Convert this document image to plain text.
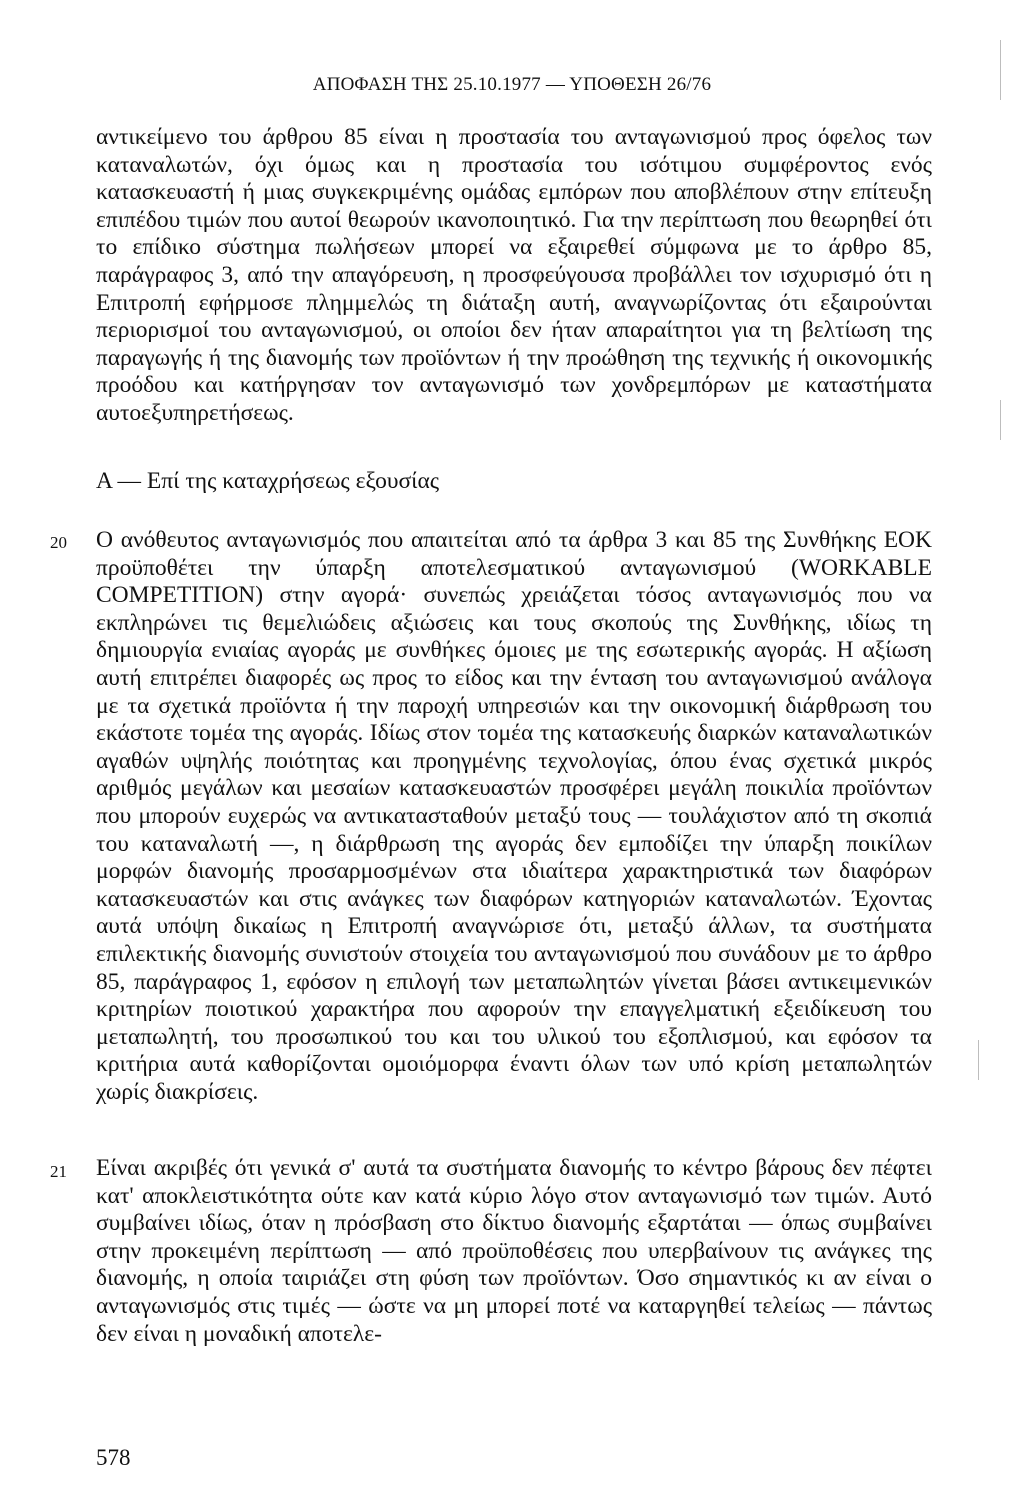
ΑΠΟΦΑΣΗ ΤΗΣ 25.10.1977 — ΥΠΟΘΕΣΗ 26/76
αντικείμενο του άρθρου 85 είναι η προστασία του ανταγωνισμού προς όφελος των καταναλωτών, όχι όμως και η προστασία του ισότιμου συμφέροντος ενός κατασκευαστή ή μιας συγκεκριμένης ομάδας εμπόρων που αποβλέπουν στην επίτευξη επιπέδου τιμών που αυτοί θεωρούν ικανοποιητικό. Για την περίπτωση που θεωρηθεί ότι το επίδικο σύστημα πωλήσεων μπορεί να εξαιρεθεί σύμφωνα με το άρθρο 85, παράγραφος 3, από την απαγόρευση, η προσφεύγουσα προβάλλει τον ισχυρισμό ότι η Επιτροπή εφήρμοσε πλημμελώς τη διάταξη αυτή, αναγνωρίζοντας ότι εξαιρούνται περιορισμοί του ανταγωνισμού, οι οποίοι δεν ήταν απαραίτητοι για τη βελτίωση της παραγωγής ή της διανομής των προϊόντων ή την προώθηση της τεχνικής ή οικονομικής προόδου και κατήργησαν τον ανταγωνισμό των χονδρεμπόρων με καταστήματα αυτοεξυπηρετήσεως.
Α — Επί της καταχρήσεως εξουσίας
20 Ο ανόθευτος ανταγωνισμός που απαιτείται από τα άρθρα 3 και 85 της Συνθήκης ΕΟΚ προϋποθέτει την ύπαρξη αποτελεσματικού ανταγωνισμού (WORKABLE COMPETITION) στην αγορά· συνεπώς χρειάζεται τόσος ανταγωνισμός που να εκπληρώνει τις θεμελιώδεις αξιώσεις και τους σκοπούς της Συνθήκης, ιδίως τη δημιουργία ενιαίας αγοράς με συνθήκες όμοιες με της εσωτερικής αγοράς. Η αξίωση αυτή επιτρέπει διαφορές ως προς το είδος και την ένταση του ανταγωνισμού ανάλογα με τα σχετικά προϊόντα ή την παροχή υπηρεσιών και την οικονομική διάρθρωση του εκάστοτε τομέα της αγοράς. Ιδίως στον τομέα της κατασκευής διαρκών καταναλωτικών αγαθών υψηλής ποιότητας και προηγμένης τεχνολογίας, όπου ένας σχετικά μικρός αριθμός μεγάλων και μεσαίων κατασκευαστών προσφέρει μεγάλη ποικιλία προϊόντων που μπορούν ευχερώς να αντικατασταθούν μεταξύ τους — τουλάχιστον από τη σκοπιά του καταναλωτή —, η διάρθρωση της αγοράς δεν εμποδίζει την ύπαρξη ποικίλων μορφών διανομής προσαρμοσμένων στα ιδιαίτερα χαρακτηριστικά των διαφόρων κατασκευαστών και στις ανάγκες των διαφόρων κατηγοριών καταναλωτών. Έχοντας αυτά υπόψη δικαίως η Επιτροπή αναγνώρισε ότι, μεταξύ άλλων, τα συστήματα επιλεκτικής διανομής συνιστούν στοιχεία του ανταγωνισμού που συνάδουν με το άρθρο 85, παράγραφος 1, εφόσον η επιλογή των μεταπωλητών γίνεται βάσει αντικειμενικών κριτηρίων ποιοτικού χαρακτήρα που αφορούν την επαγγελματική εξειδίκευση του μεταπωλητή, του προσωπικού του και του υλικού του εξοπλισμού, και εφόσον τα κριτήρια αυτά καθορίζονται ομοιόμορφα έναντι όλων των υπό κρίση μεταπωλητών χωρίς διακρίσεις.
21 Είναι ακριβές ότι γενικά σ' αυτά τα συστήματα διανομής το κέντρο βάρους δεν πέφτει κατ' αποκλειστικότητα ούτε καν κατά κύριο λόγο στον ανταγωνισμό των τιμών. Αυτό συμβαίνει ιδίως, όταν η πρόσβαση στο δίκτυο διανομής εξαρτάται — όπως συμβαίνει στην προκειμένη περίπτωση — από προϋποθέσεις που υπερβαίνουν τις ανάγκες της διανομής, η οποία ταιριάζει στη φύση των προϊόντων. Όσο σημαντικός κι αν είναι ο ανταγωνισμός στις τιμές — ώστε να μη μπορεί ποτέ να καταργηθεί τελείως — πάντως δεν είναι η μοναδική αποτελε-
578
